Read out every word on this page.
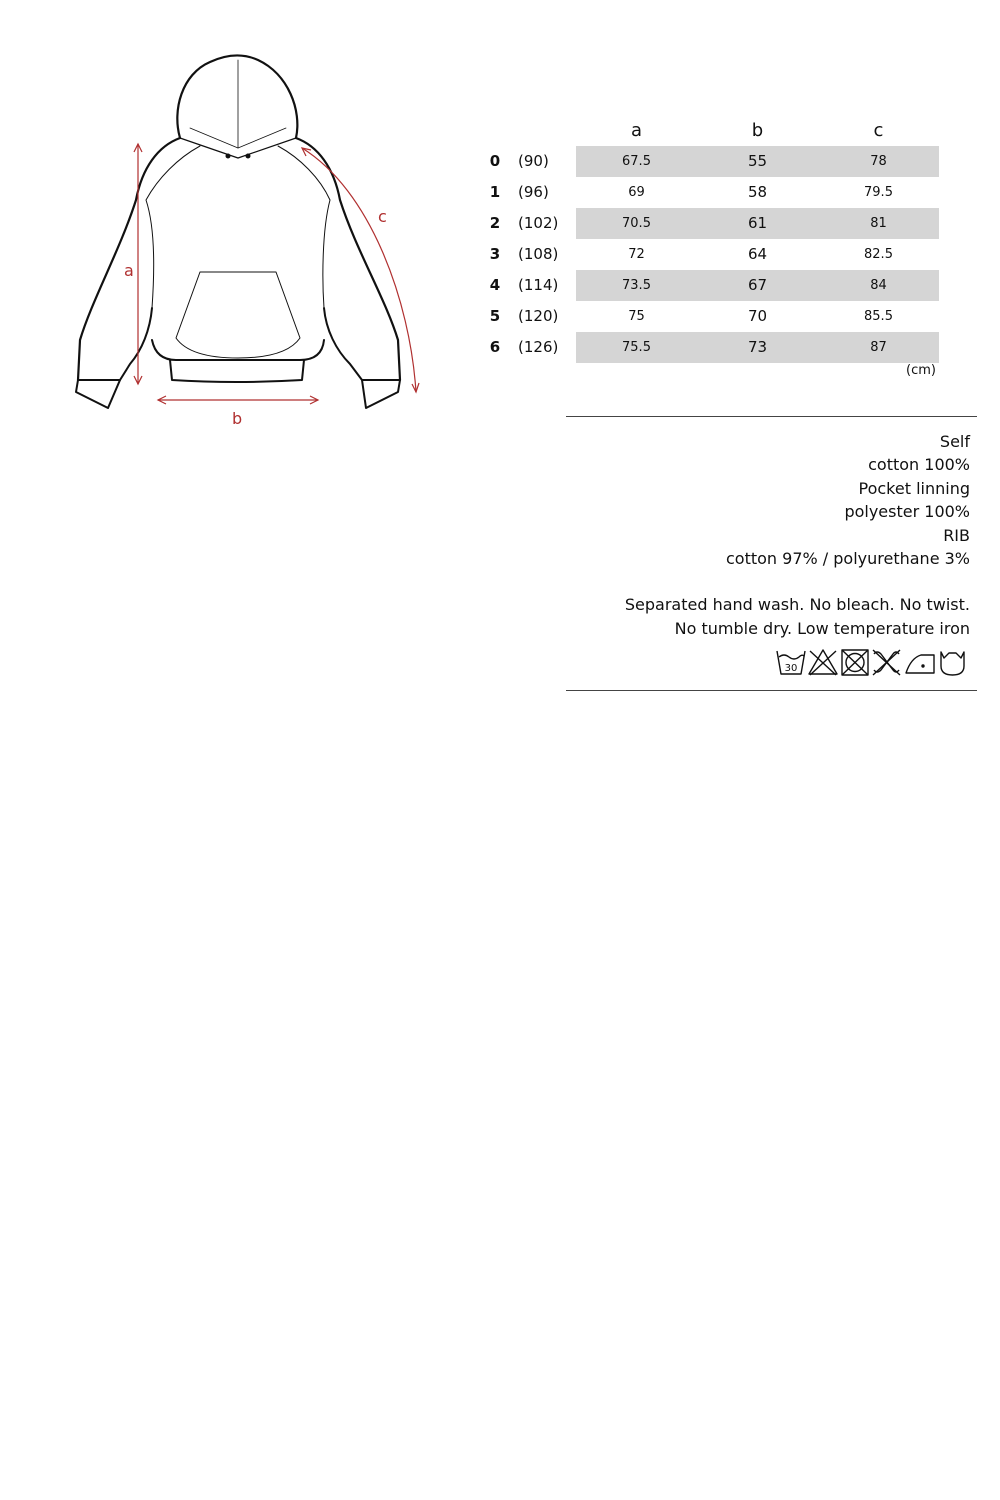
a
b
c
a	b	c
0	(90)	67.5	55	78
1	(96)	69	58	79.5
2	(102)	70.5	61	81
3	(108)	72	64	82.5
4	(114)	73.5	67	84
5	(120)	75	70	85.5
6	(126)	75.5	73	87
(cm)
Self
cotton 100%
Pocket linning
polyester 100%
RIB
cotton 97% / polyurethane 3%
Separated hand wash. No bleach. No twist.
No tumble dry. Low temperature iron
30
